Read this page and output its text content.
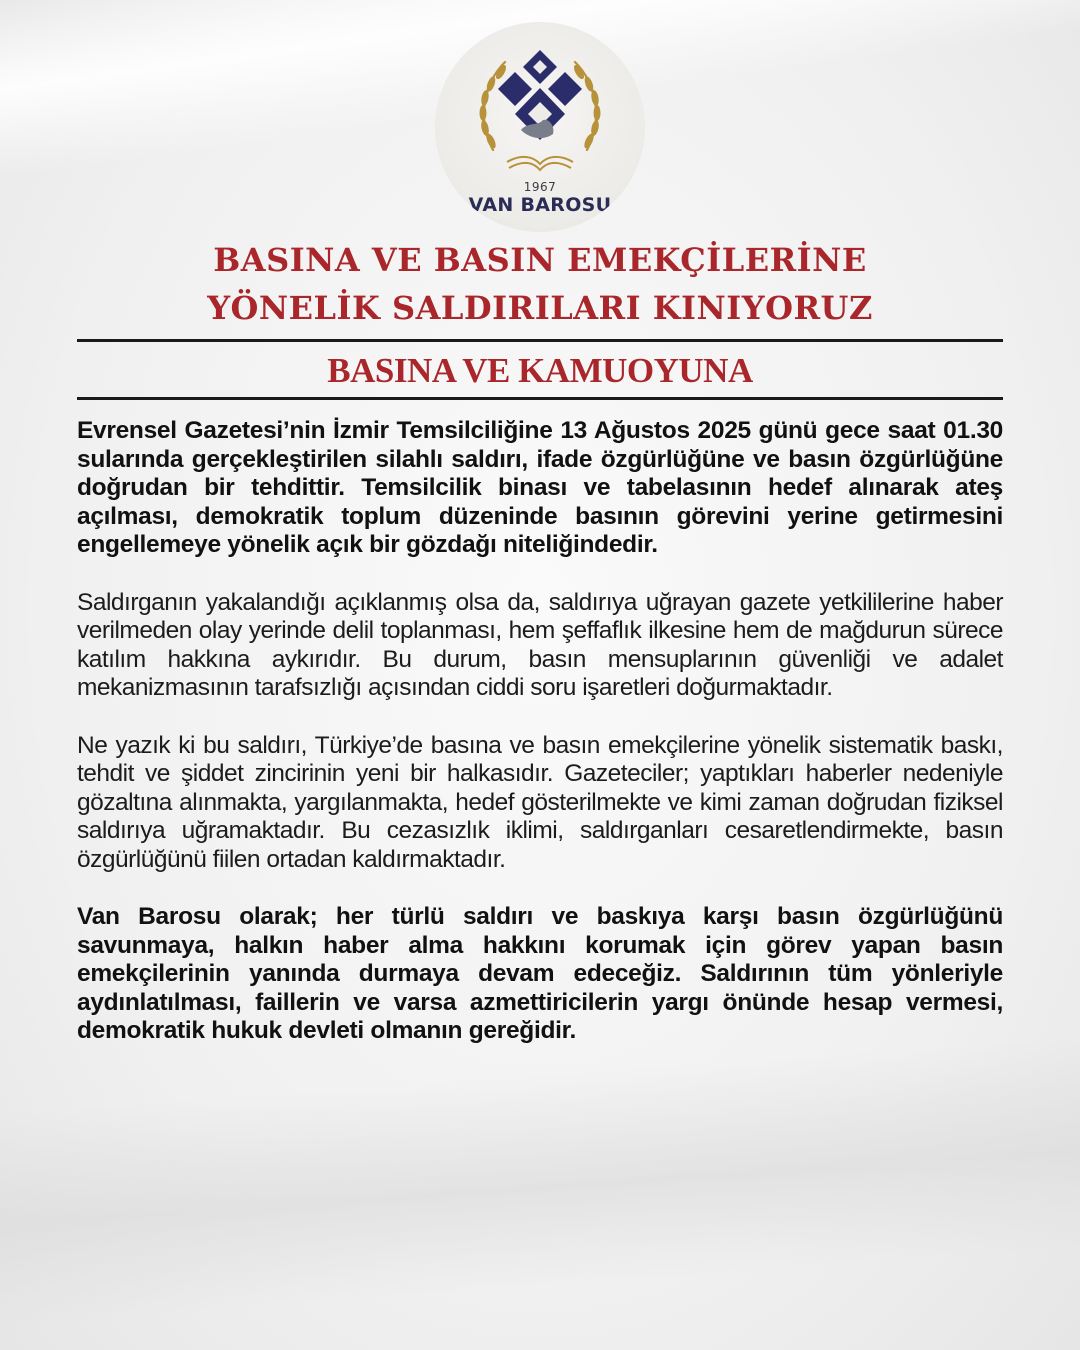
1967
VAN BAROSU
BASINA VE BASIN EMEKÇİLERİNE
YÖNELİK SALDIRILARI KINIYORUZ
BASINA VE KAMUOYUNA

Evrensel Gazetesi’nin İzmir Temsilciliğine 13 Ağustos 2025 günü gece saat 01.30 sularında gerçekleştirilen silahlı saldırı, ifade özgürlüğüne ve basın özgürlüğüne doğrudan bir tehdittir. Temsilcilik binası ve tabelasının hedef alınarak ateş açılması, demokratik toplum düzeninde basının görevini yerine getirmesini engellemeye yönelik açık bir gözdağı niteliğindedir.

Saldırganın yakalandığı açıklanmış olsa da, saldırıya uğrayan gazete yetkililerine haber verilmeden olay yerinde delil toplanması, hem şeffaflık ilkesine hem de mağdurun sürece katılım hakkına aykırıdır. Bu durum, basın mensuplarının güvenliği ve adalet mekanizmasının tarafsızlığı açısından ciddi soru işaretleri doğurmaktadır.

Ne yazık ki bu saldırı, Türkiye’de basına ve basın emekçilerine yönelik sistematik baskı, tehdit ve şiddet zincirinin yeni bir halkasıdır. Gazeteciler; yaptıkları haberler nedeniyle gözaltına alınmakta, yargılanmakta, hedef gösterilmekte ve kimi zaman doğrudan fiziksel saldırıya uğramaktadır. Bu cezasızlık iklimi, saldırganları cesaretlendirmekte, basın özgürlüğünü fiilen ortadan kaldırmaktadır.

Van Barosu olarak; her türlü saldırı ve baskıya karşı basın özgürlüğünü savunmaya, halkın haber alma hakkını korumak için görev yapan basın emekçilerinin yanında durmaya devam edeceğiz. Saldırının tüm yönleriyle aydınlatılması, faillerin ve varsa azmettiricilerin yargı önünde hesap vermesi, demokratik hukuk devleti olmanın gereğidir.
